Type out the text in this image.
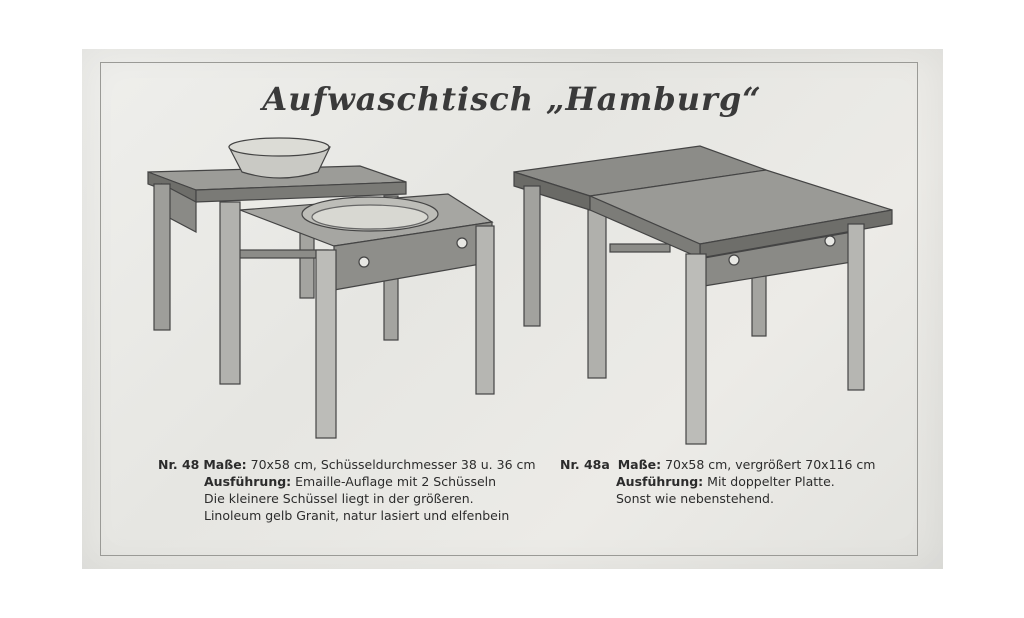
Aufwaschtisch „Hamburg“
Nr. 48 Maße: 70x58 cm, Schüsseldurchmesser 38 u. 36 cm
Ausführung: Emaille-Auflage mit 2 Schüsseln
Die kleinere Schüssel liegt in der größeren.
Linoleum gelb Granit, natur lasiert und elfenbein
Nr. 48a Maße: 70x58 cm, vergrößert 70x116 cm
Ausführung: Mit doppelter Platte.
Sonst wie nebenstehend.
